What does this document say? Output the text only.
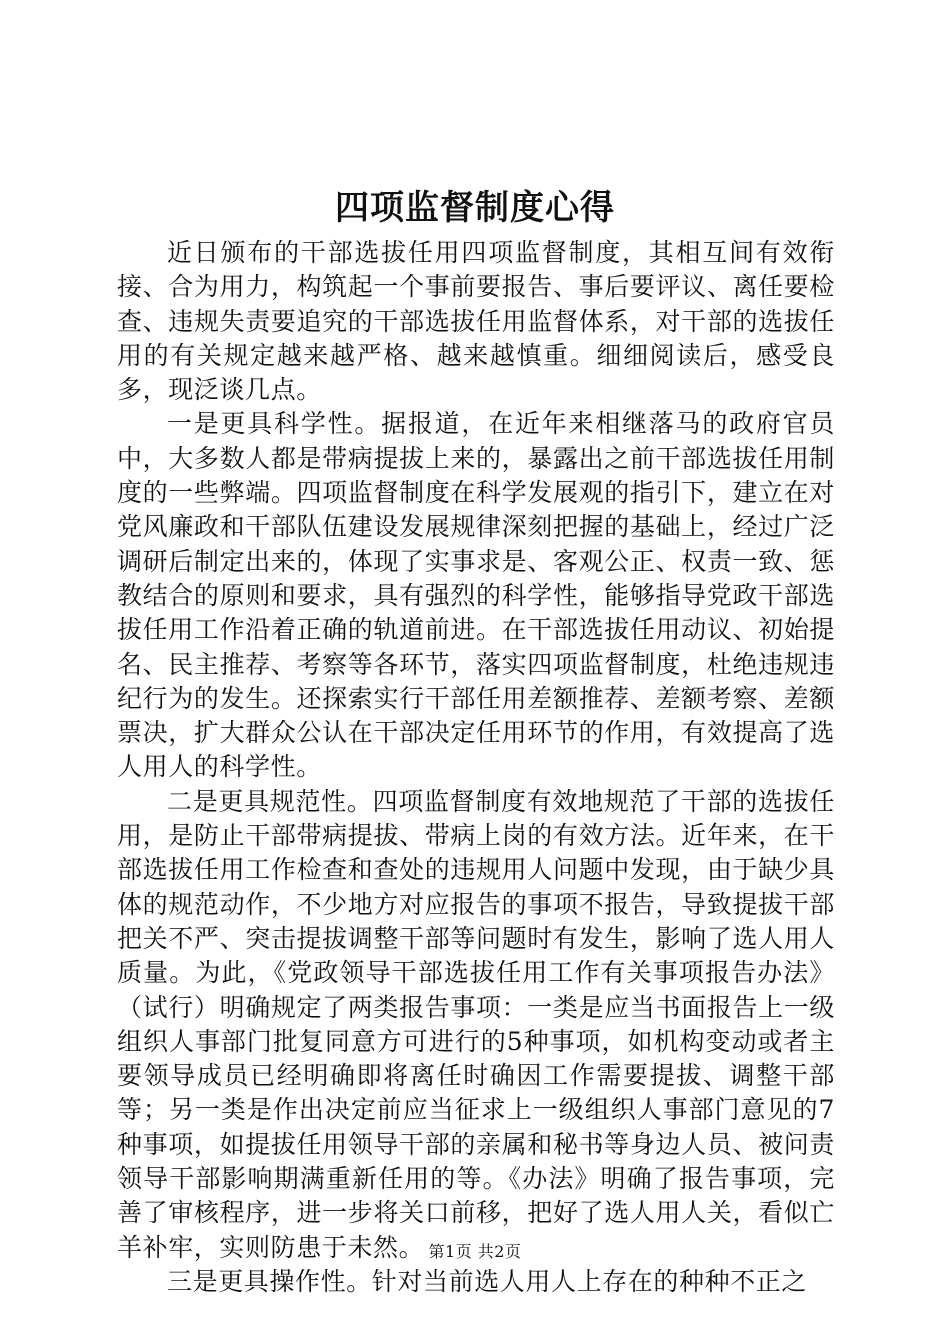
四项监督制度心得

近日颁布的干部选拔任用四项监督制度，其相互间有效衔接、合为用力，构筑起一个事前要报告、事后要评议、离任要检查、违规失责要追究的干部选拔任用监督体系，对干部的选拔任用的有关规定越来越严格、越来越慎重。细细阅读后，感受良多，现泛谈几点。

一是更具科学性。据报道，在近年来相继落马的政府官员中，大多数人都是带病提拔上来的，暴露出之前干部选拔任用制度的一些弊端。四项监督制度在科学发展观的指引下，建立在对党风廉政和干部队伍建设发展规律深刻把握的基础上，经过广泛调研后制定出来的，体现了实事求是、客观公正、权责一致、惩教结合的原则和要求，具有强烈的科学性，能够指导党政干部选拔任用工作沿着正确的轨道前进。在干部选拔任用动议、初始提名、民主推荐、考察等各环节，落实四项监督制度，杜绝违规违纪行为的发生。还探索实行干部任用差额推荐、差额考察、差额票决，扩大群众公认在干部决定任用环节的作用，有效提高了选人用人的科学性。

二是更具规范性。四项监督制度有效地规范了干部的选拔任用，是防止干部带病提拔、带病上岗的有效方法。近年来，在干部选拔任用工作检查和查处的违规用人问题中发现，由于缺少具体的规范动作，不少地方对应报告的事项不报告，导致提拔干部把关不严、突击提拔调整干部等问题时有发生，影响了选人用人质量。为此，《党政领导干部选拔任用工作有关事项报告办法》（试行）明确规定了两类报告事项：一类是应当书面报告上一级组织人事部门批复同意方可进行的5种事项，如机构变动或者主要领导成员已经明确即将离任时确因工作需要提拔、调整干部等；另一类是作出决定前应当征求上一级组织人事部门意见的7种事项，如提拔任用领导干部的亲属和秘书等身边人员、被问责领导干部影响期满重新任用的等。《办法》明确了报告事项，完善了审核程序，进一步将关口前移，把好了选人用人关，看似亡羊补牢，实则防患于未然。

三是更具操作性。针对当前选人用人上存在的种种不正之

第1页 共2页
